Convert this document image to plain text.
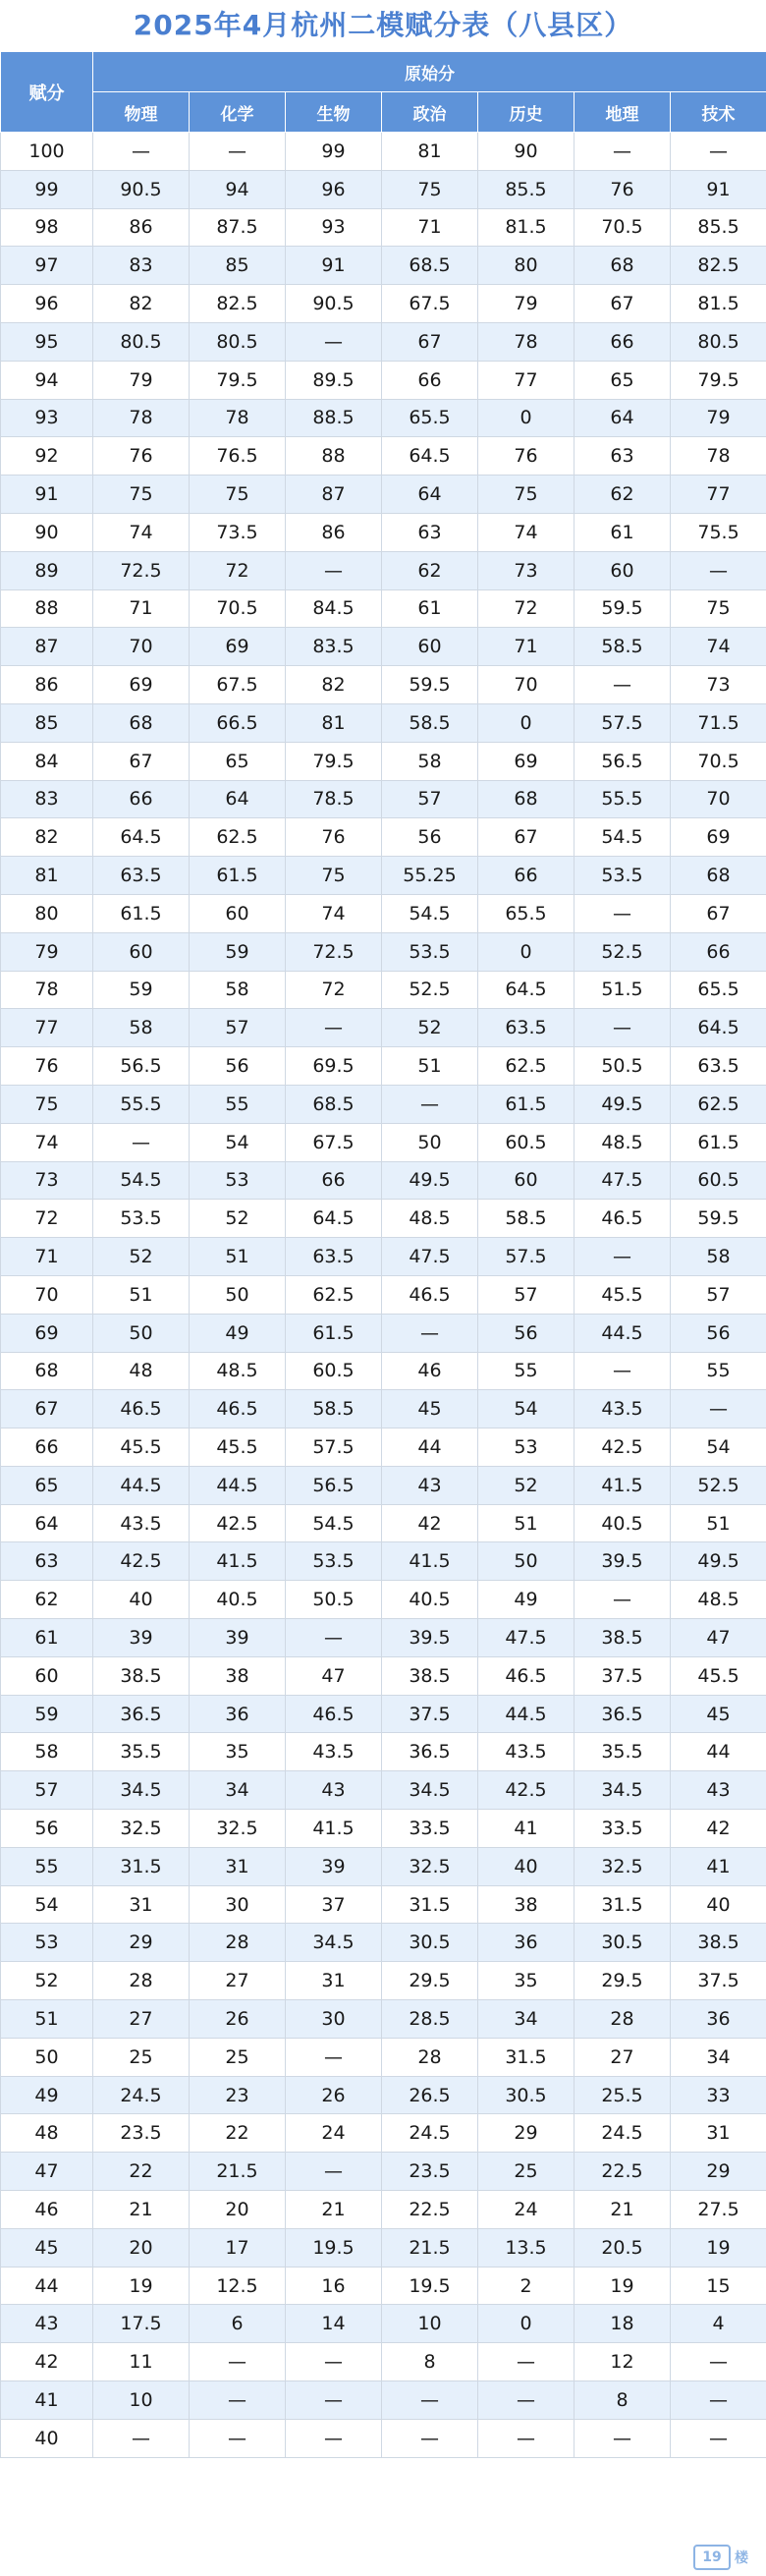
2025年4月杭州二模赋分表（八县区）
赋分	原始分						
	物理	化学	生物	政治	历史	地理	技术
100	—	—	99	81	90	—	—
99	90.5	94	96	75	85.5	76	91
98	86	87.5	93	71	81.5	70.5	85.5
97	83	85	91	68.5	80	68	82.5
96	82	82.5	90.5	67.5	79	67	81.5
95	80.5	80.5	—	67	78	66	80.5
94	79	79.5	89.5	66	77	65	79.5
93	78	78	88.5	65.5	0	64	79
92	76	76.5	88	64.5	76	63	78
91	75	75	87	64	75	62	77
90	74	73.5	86	63	74	61	75.5
89	72.5	72	—	62	73	60	—
88	71	70.5	84.5	61	72	59.5	75
87	70	69	83.5	60	71	58.5	74
86	69	67.5	82	59.5	70	—	73
85	68	66.5	81	58.5	0	57.5	71.5
84	67	65	79.5	58	69	56.5	70.5
83	66	64	78.5	57	68	55.5	70
82	64.5	62.5	76	56	67	54.5	69
81	63.5	61.5	75	55.25	66	53.5	68
80	61.5	60	74	54.5	65.5	—	67
79	60	59	72.5	53.5	0	52.5	66
78	59	58	72	52.5	64.5	51.5	65.5
77	58	57	—	52	63.5	—	64.5
76	56.5	56	69.5	51	62.5	50.5	63.5
75	55.5	55	68.5	—	61.5	49.5	62.5
74	—	54	67.5	50	60.5	48.5	61.5
73	54.5	53	66	49.5	60	47.5	60.5
72	53.5	52	64.5	48.5	58.5	46.5	59.5
71	52	51	63.5	47.5	57.5	—	58
70	51	50	62.5	46.5	57	45.5	57
69	50	49	61.5	—	56	44.5	56
68	48	48.5	60.5	46	55	—	55
67	46.5	46.5	58.5	45	54	43.5	—
66	45.5	45.5	57.5	44	53	42.5	54
65	44.5	44.5	56.5	43	52	41.5	52.5
64	43.5	42.5	54.5	42	51	40.5	51
63	42.5	41.5	53.5	41.5	50	39.5	49.5
62	40	40.5	50.5	40.5	49	—	48.5
61	39	39	—	39.5	47.5	38.5	47
60	38.5	38	47	38.5	46.5	37.5	45.5
59	36.5	36	46.5	37.5	44.5	36.5	45
58	35.5	35	43.5	36.5	43.5	35.5	44
57	34.5	34	43	34.5	42.5	34.5	43
56	32.5	32.5	41.5	33.5	41	33.5	42
55	31.5	31	39	32.5	40	32.5	41
54	31	30	37	31.5	38	31.5	40
53	29	28	34.5	30.5	36	30.5	38.5
52	28	27	31	29.5	35	29.5	37.5
51	27	26	30	28.5	34	28	36
50	25	25	—	28	31.5	27	34
49	24.5	23	26	26.5	30.5	25.5	33
48	23.5	22	24	24.5	29	24.5	31
47	22	21.5	—	23.5	25	22.5	29
46	21	20	21	22.5	24	21	27.5
45	20	17	19.5	21.5	13.5	20.5	19
44	19	12.5	16	19.5	2	19	15
43	17.5	6	14	10	0	18	4
42	11	—	—	8	—	12	—
41	10	—	—	—	—	8	—
40	—	—	—	—	—	—	—
19 楼
